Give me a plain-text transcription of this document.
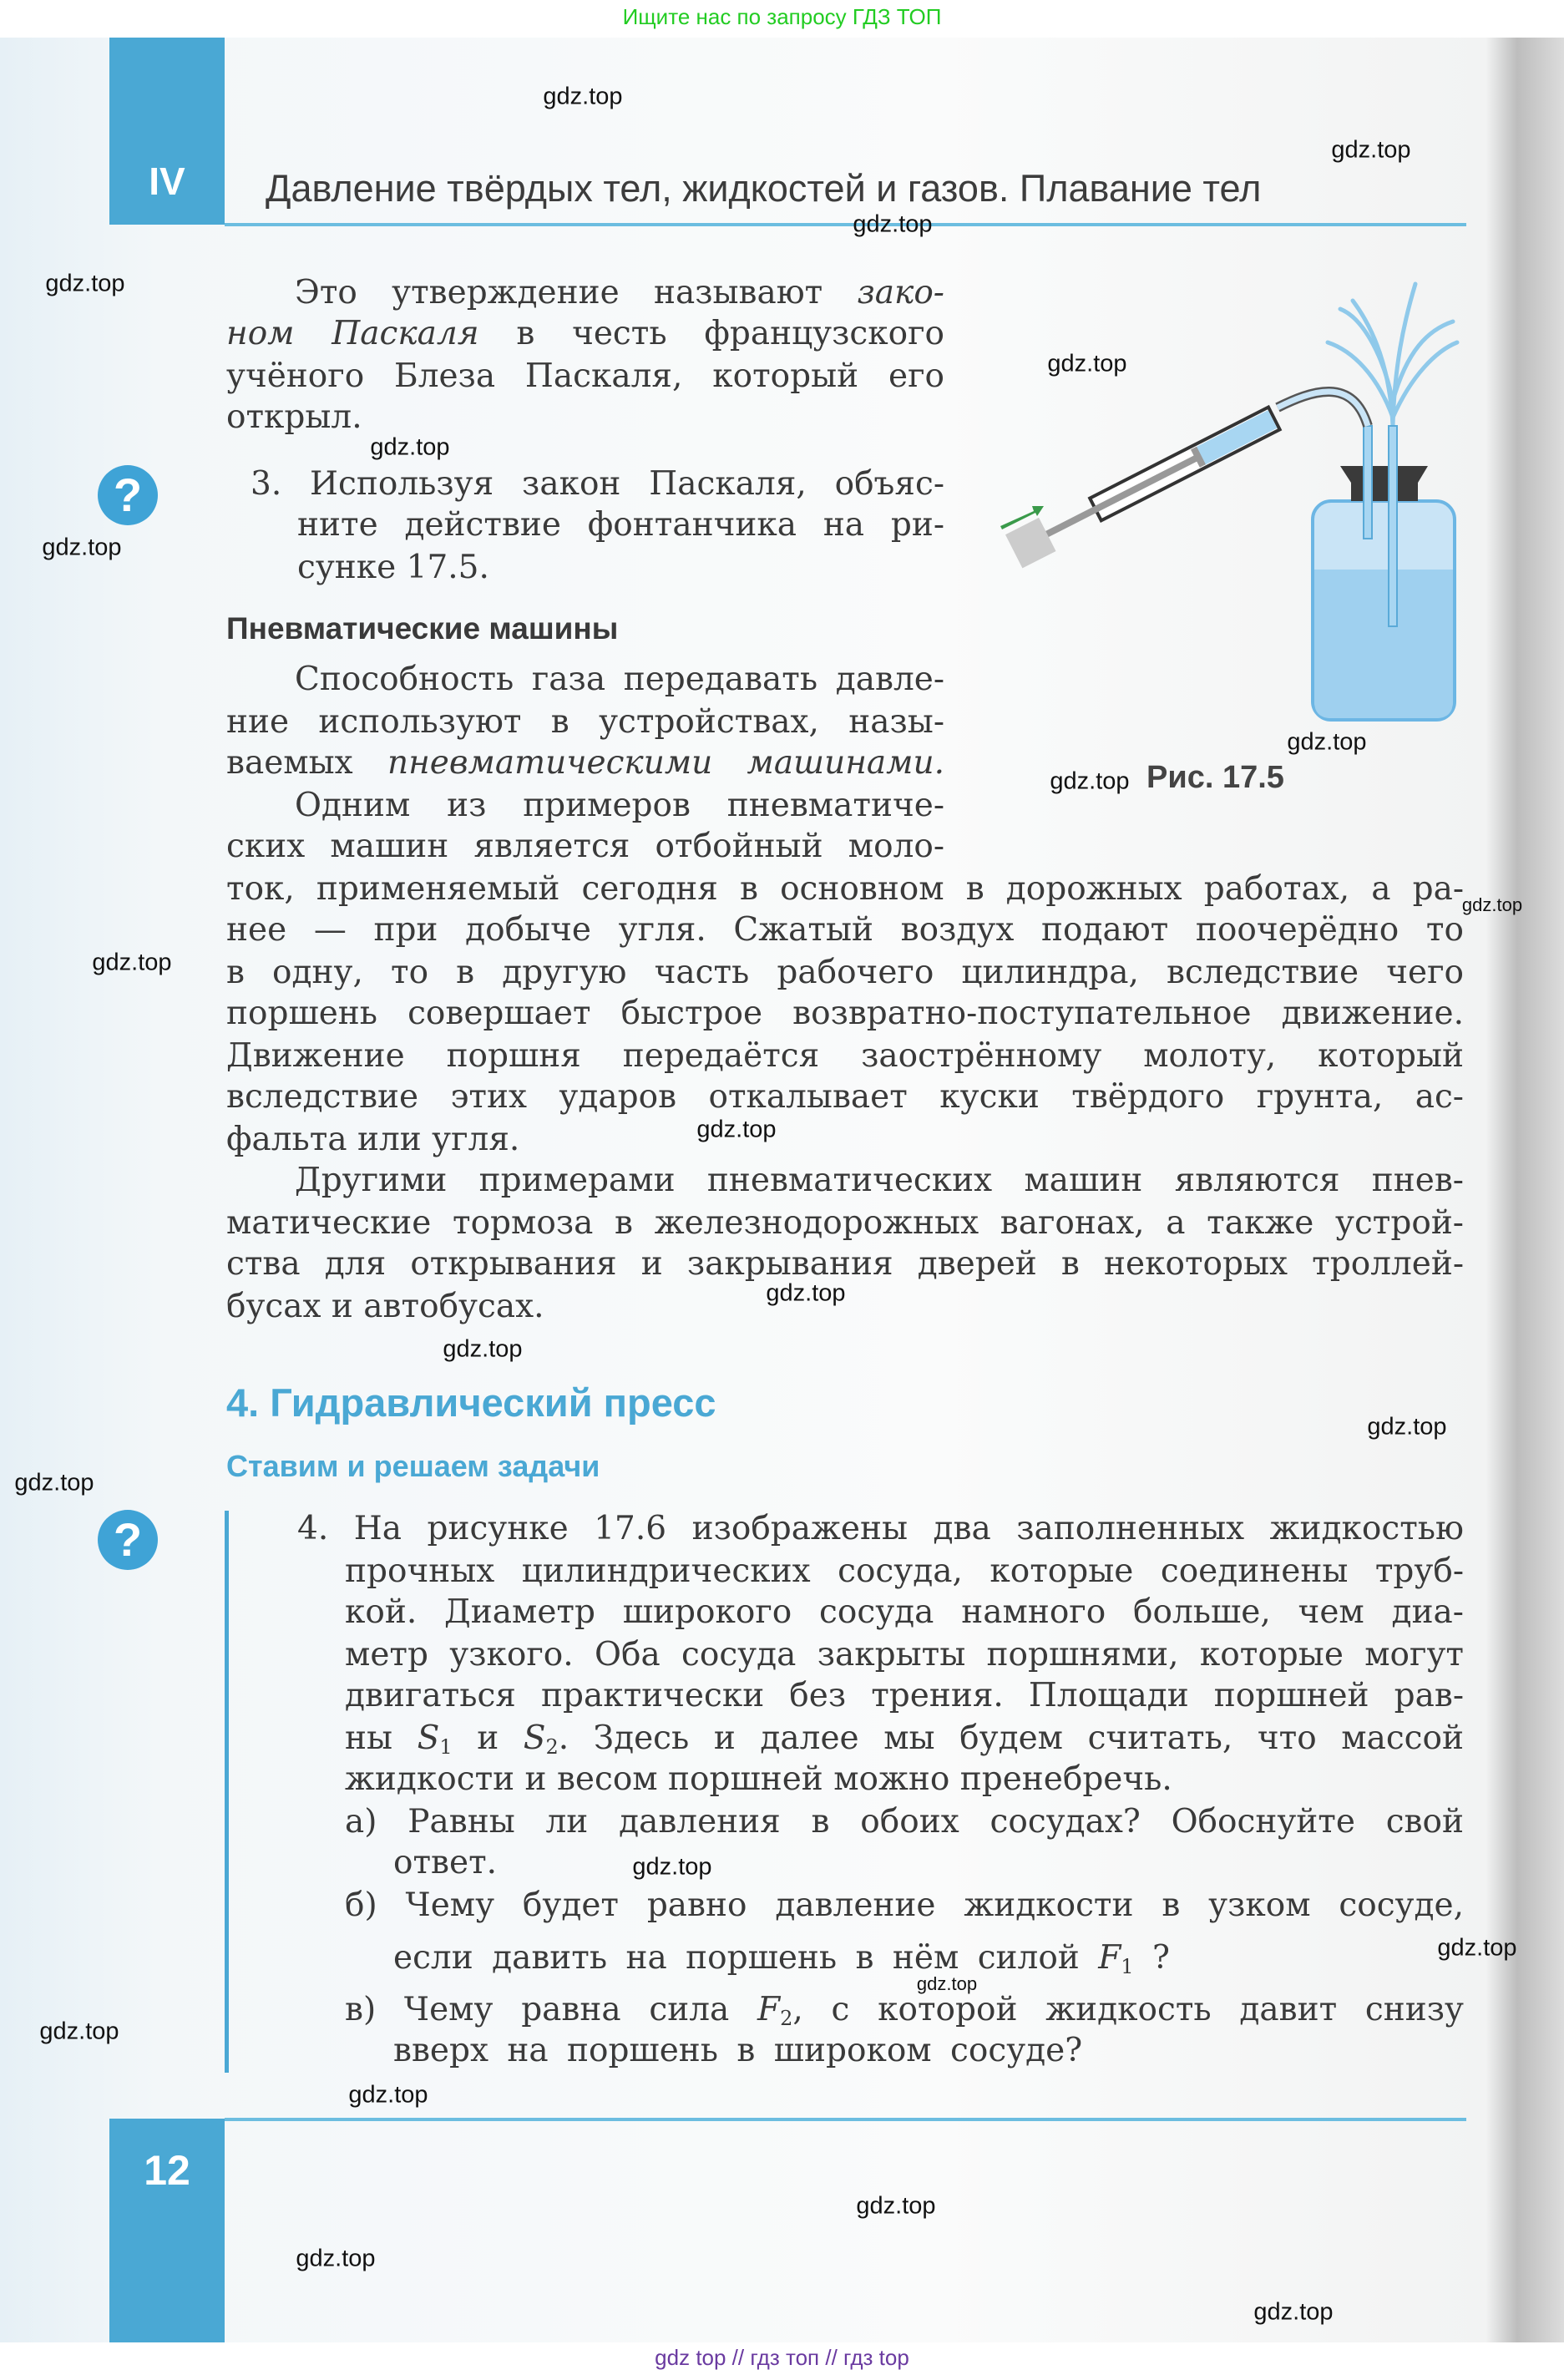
Ищите нас по запросу ГДЗ ТОП
IV	Давление твёрдых тел, жидкостей и газов. Плавание тел
Это утверждение называют зако-
ном Паскаля в честь французского
учёного Блеза Паскаля, который его
открыл.
?	3. Используя закон Паскаля, объяс-
ните действие фонтанчика на ри-
сунке 17.5.
Пневматические машины
Способность газа передавать давле-
ние используют в устройствах, назы-
ваемых пневматическими машинами.
Одним из примеров пневматиче-
ских машин является отбойный моло-
ток, применяемый сегодня в основном в дорожных работах, а ра-
нее — при добыче угля. Сжатый воздух подают поочерёдно то
в одну, то в другую часть рабочего цилиндра, вследствие чего
поршень совершает быстрое возвратно-поступательное движение.
Движение поршня передаётся заострённому молоту, который
вследствие этих ударов откалывает куски твёрдого грунта, ас-
фальта или угля.
Другими примерами пневматических машин являются пнев-
матические тормоза в железнодорожных вагонах, а также устрой-
ства для открывания и закрывания дверей в некоторых троллей-
бусах и автобусах.
Рис. 17.5
4. Гидравлический пресс
Ставим и решаем задачи
?	4. На рисунке 17.6 изображены два заполненных жидкостью
прочных цилиндрических сосуда, которые соединены труб-
кой. Диаметр широкого сосуда намного больше, чем диа-
метр узкого. Оба сосуда закрыты поршнями, которые могут
двигаться практически без трения. Площади поршней рав-
ны $S_1$ и $S_2$. Здесь и далее мы будем считать, что массой
жидкости и весом поршней можно пренебречь.
а) Равны ли давления в обоих сосудах? Обоснуйте свой
ответ.
б) Чему будет равно давление жидкости в узком сосуде,
если давить на поршень в нём силой $F_1$ ?
в) Чему равна сила $F_2$, с которой жидкость давит снизу
вверх на поршень в широком сосуде?
12
gdz.top
gdz.top
gdz.top
gdz.top
gdz.top
gdz.top
gdz.top
gdz.top
gdz.top
gdz.top
gdz.top
gdz.top
gdz.top
gdz.top
gdz.top
gdz.top
gdz.top
gdz.top
gdz.top
gdz.top
gdz.top
gdz.top
gdz.top
gdz.top
gdz top // гдз топ // гдз top
